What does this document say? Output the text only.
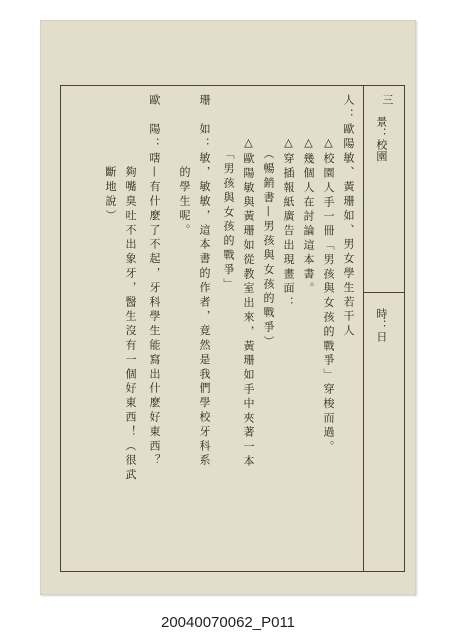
三
景：校園
時：日
人：歐陽敏、黃珊如、男女學生若干人
△校園人手一冊「男孩與女孩的戰爭」穿梭而過。
△幾個人在討論這本書。
△穿插報紙廣告出現畫面：
（暢銷書—男孩與女孩的戰爭）
△歐陽敏與黃珊如從教室出來，黃珊如手中夾著一本
「男孩與女孩的戰爭」
珊　如：敏，敏敏，這本書的作者，竟然是我們學校牙科系
的學生呢。
歐　陽：嗐—有什麼了不起，牙科學生能寫出什麼好東西？
夠嘴臭吐不出象牙，醫生沒有一個好東西！（很武
斷地說）
20040070062_P011
